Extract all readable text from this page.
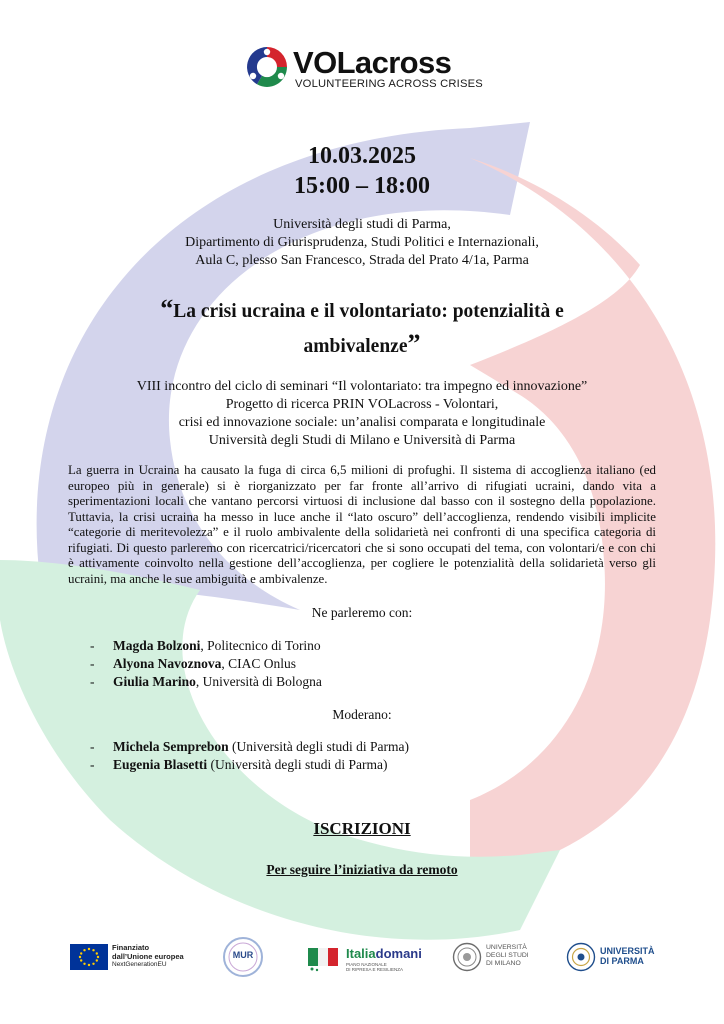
VOLacross
VOLUNTEERING ACROSS CRISES
10.03.2025
15:00 – 18:00
Università degli studi di Parma,
Dipartimento di Giurisprudenza, Studi Politici e Internazionali,
Aula C, plesso San Francesco, Strada del Prato 4/1a, Parma
“La crisi ucraina e il volontariato: potenzialità e
ambivalenze”
VIII incontro del ciclo di seminari “Il volontariato: tra impegno ed innovazione”
Progetto di ricerca PRIN VOLacross - Volontari,
crisi ed innovazione sociale: un’analisi comparata e longitudinale
Università degli Studi di Milano e Università di Parma
La guerra in Ucraina ha causato la fuga di circa 6,5 milioni di profughi. Il sistema di accoglienza italiano (ed europeo più in generale) si è riorganizzato per far fronte all’arrivo di rifugiati ucraini, dando vita a sperimentazioni locali che vantano percorsi virtuosi di inclusione dal basso con il sostegno della popolazione. Tuttavia, la crisi ucraina ha messo in luce anche il “lato oscuro” dell’accoglienza, rendendo visibili implicite “categorie di meritevolezza” e il ruolo ambivalente della solidarietà nei confronti di una specifica categoria di rifugiati. Di questo parleremo con ricercatrici/ricercatori che si sono occupati del tema, con volontari/e e con chi è attivamente coinvolto nella gestione dell’accoglienza, per cogliere le potenzialità della solidarietà verso gli ucraini, ma anche le sue ambiguità e ambivalenze.
Ne parleremo con:
- Magda Bolzoni, Politecnico di Torino
- Alyona Navoznova, CIAC Onlus
- Giulia Marino, Università di Bologna
Moderano:
- Michela Semprebon (Università degli studi di Parma)
- Eugenia Blasetti (Università degli studi di Parma)
ISCRIZIONI
Per seguire l’iniziativa da remoto
Finanziato
dall’Unione europea
NextGenerationEU
MUR	Italiadomani
PIANO NAZIONALE
DI RIPRESA E RESILIENZA
UNIVERSITÀ
DEGLI STUDI
DI MILANO
UNIVERSITÀ
DI PARMA
